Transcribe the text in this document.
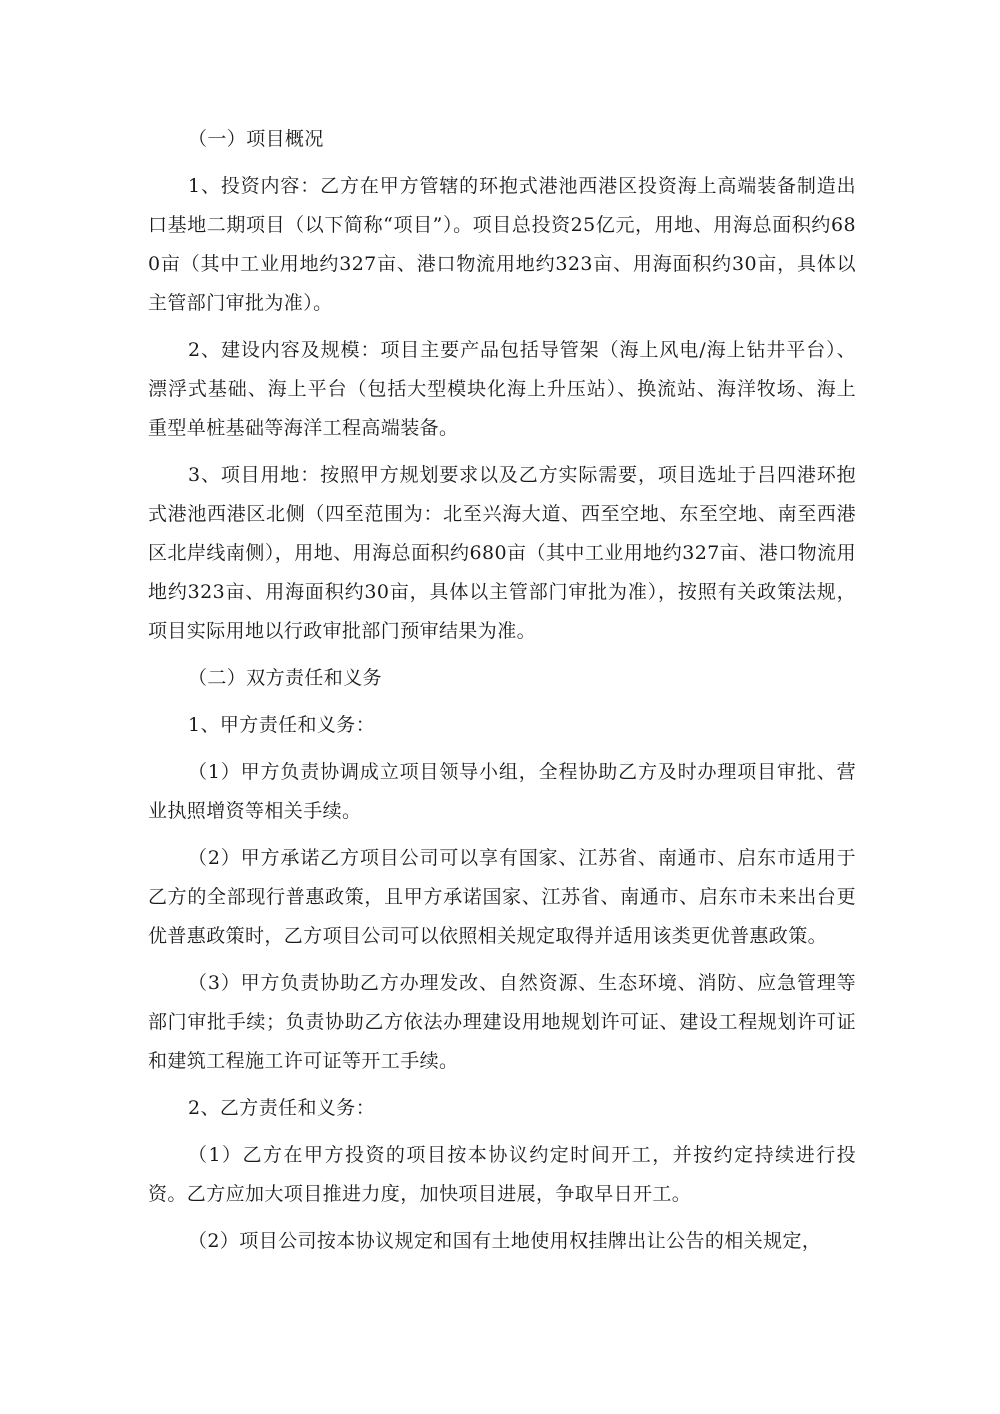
（一）项目概况

1、投资内容：乙方在甲方管辖的环抱式港池西港区投资海上高端装备制造出口基地二期项目（以下简称“项目”）。项目总投资25亿元，用地、用海总面积约680亩（其中工业用地约327亩、港口物流用地约323亩、用海面积约30亩，具体以主管部门审批为准）。

2、建设内容及规模：项目主要产品包括导管架（海上风电/海上钻井平台）、漂浮式基础、海上平台（包括大型模块化海上升压站）、换流站、海洋牧场、海上重型单桩基础等海洋工程高端装备。

3、项目用地：按照甲方规划要求以及乙方实际需要，项目选址于吕四港环抱式港池西港区北侧（四至范围为：北至兴海大道、西至空地、东至空地、南至西港区北岸线南侧），用地、用海总面积约680亩（其中工业用地约327亩、港口物流用地约323亩、用海面积约30亩，具体以主管部门审批为准），按照有关政策法规，项目实际用地以行政审批部门预审结果为准。

（二）双方责任和义务

1、甲方责任和义务：

（1）甲方负责协调成立项目领导小组，全程协助乙方及时办理项目审批、营业执照增资等相关手续。

（2）甲方承诺乙方项目公司可以享有国家、江苏省、南通市、启东市适用于乙方的全部现行普惠政策，且甲方承诺国家、江苏省、南通市、启东市未来出台更优普惠政策时，乙方项目公司可以依照相关规定取得并适用该类更优普惠政策。

（3）甲方负责协助乙方办理发改、自然资源、生态环境、消防、应急管理等部门审批手续；负责协助乙方依法办理建设用地规划许可证、建设工程规划许可证和建筑工程施工许可证等开工手续。

2、乙方责任和义务：

（1）乙方在甲方投资的项目按本协议约定时间开工，并按约定持续进行投资。乙方应加大项目推进力度，加快项目进展，争取早日开工。

（2）项目公司按本协议规定和国有土地使用权挂牌出让公告的相关规定，
